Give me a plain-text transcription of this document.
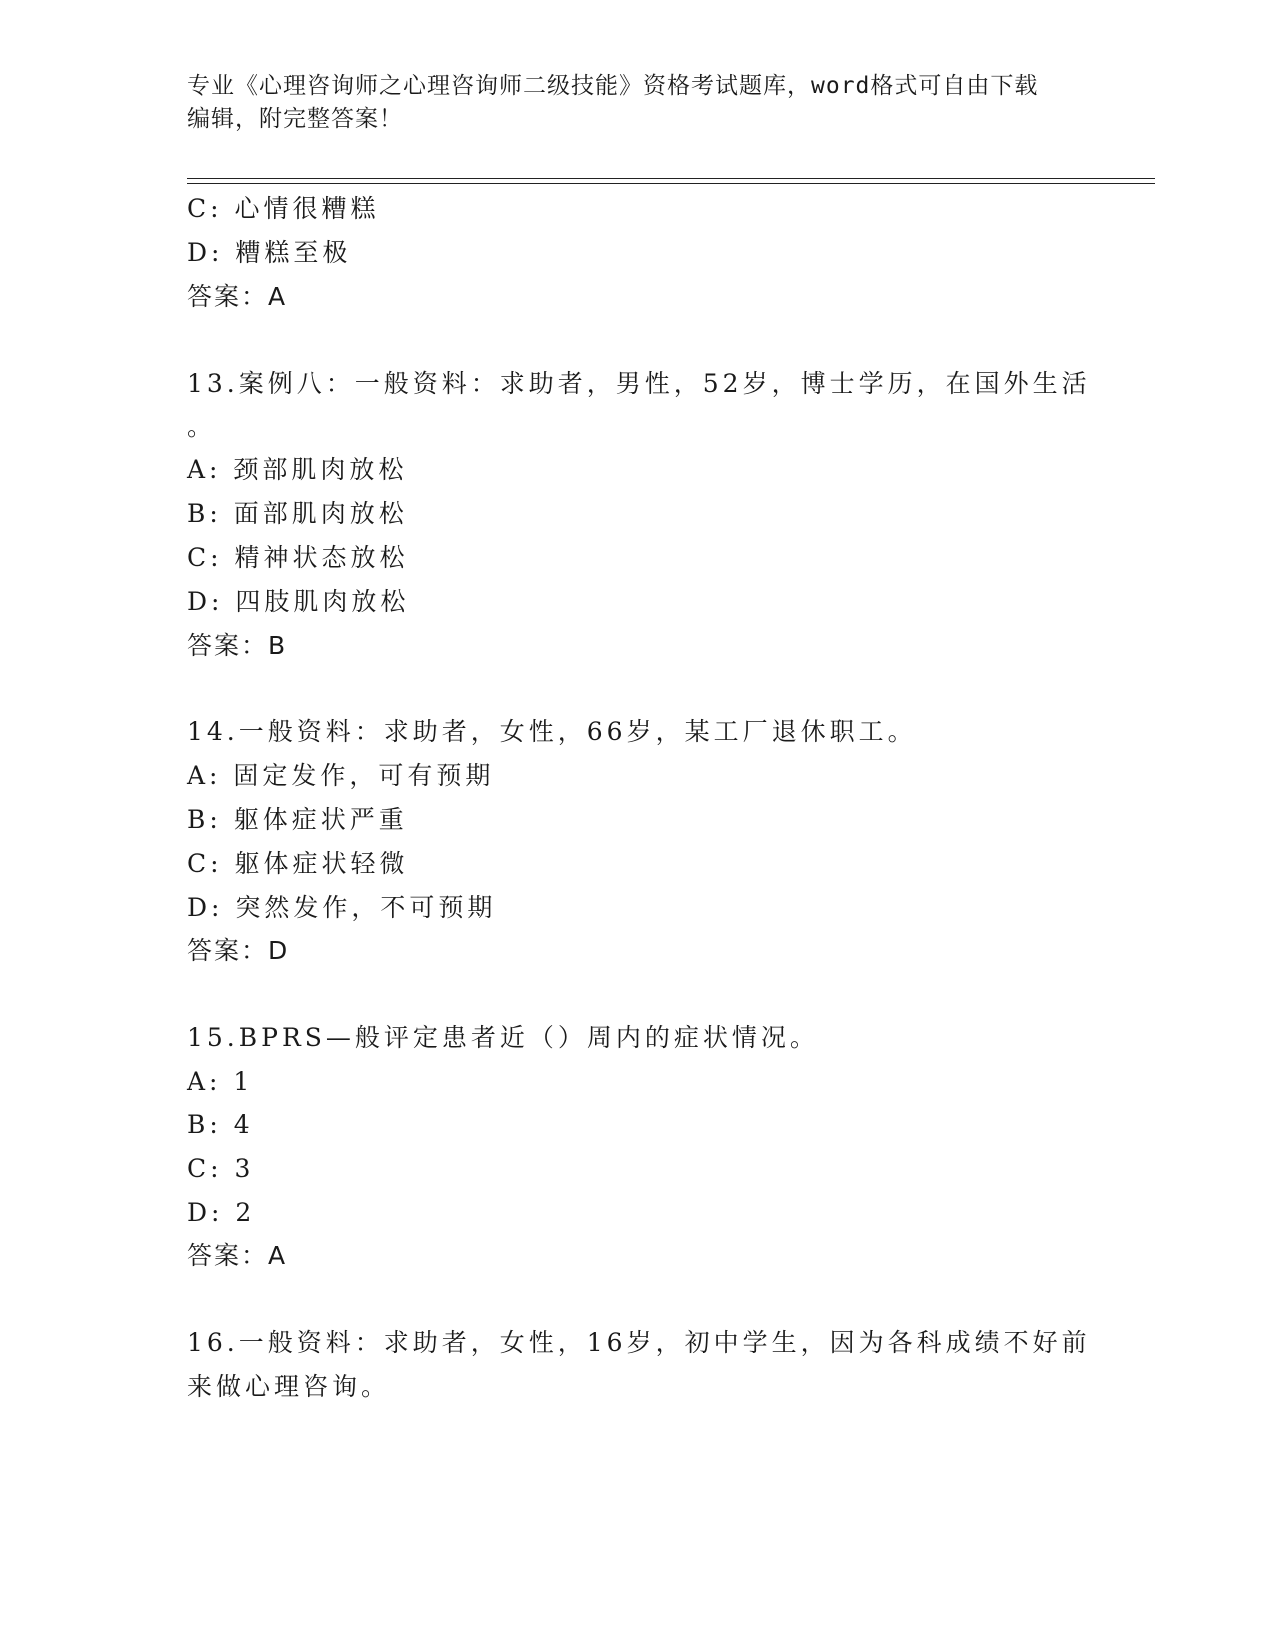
专业《心理咨询师之心理咨询师二级技能》资格考试题库，word格式可自由下载
编辑，附完整答案！
C: 心情很糟糕
D: 糟糕至极
答案：A
13.案例八：一般资料：求助者，男性，52岁，博士学历，在国外生活
。
A: 颈部肌肉放松
B: 面部肌肉放松
C: 精神状态放松
D: 四肢肌肉放松
答案：B
14.一般资料：求助者，女性，66岁，某工厂退休职工。
A: 固定发作，可有预期
B: 躯体症状严重
C: 躯体症状轻微
D: 突然发作，不可预期
答案：D
15.BPRS—般评定患者近（）周内的症状情况。
A: 1
B: 4
C: 3
D: 2
答案：A
16.一般资料：求助者，女性，16岁，初中学生，因为各科成绩不好前
来做心理咨询。
